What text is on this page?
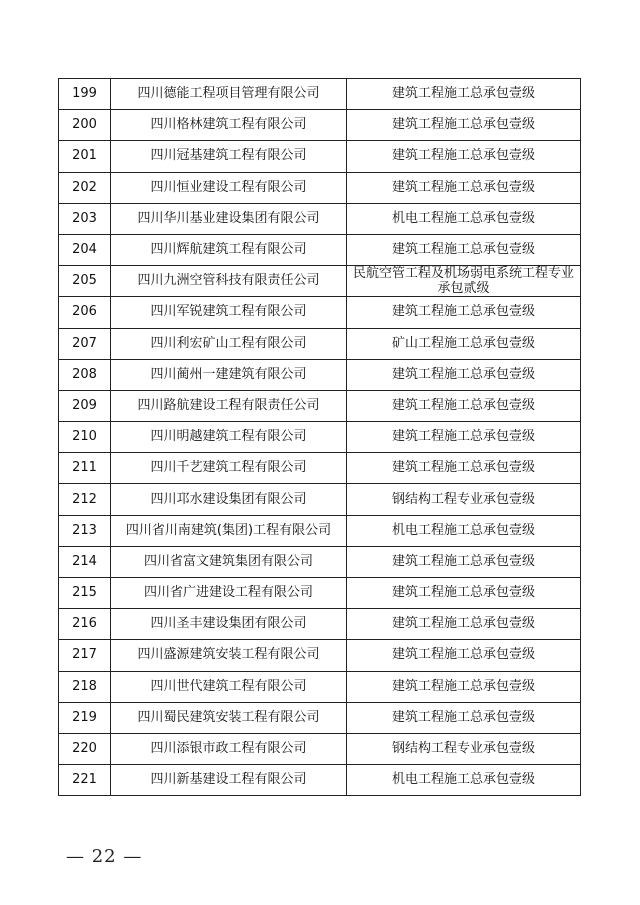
199	四川德能工程项目管理有限公司	建筑工程施工总承包壹级
200	四川格林建筑工程有限公司	建筑工程施工总承包壹级
201	四川冠基建筑工程有限公司	建筑工程施工总承包壹级
202	四川恒业建设工程有限公司	建筑工程施工总承包壹级
203	四川华川基业建设集团有限公司	机电工程施工总承包壹级
204	四川辉航建筑工程有限公司	建筑工程施工总承包壹级
205	四川九洲空管科技有限责任公司	民航空管工程及机场弱电系统工程专业承包贰级
206	四川军锐建筑工程有限公司	建筑工程施工总承包壹级
207	四川利宏矿山工程有限公司	矿山工程施工总承包壹级
208	四川蔺州一建建筑有限公司	建筑工程施工总承包壹级
209	四川路航建设工程有限责任公司	建筑工程施工总承包壹级
210	四川明越建筑工程有限公司	建筑工程施工总承包壹级
211	四川千艺建筑工程有限公司	建筑工程施工总承包壹级
212	四川邛水建设集团有限公司	钢结构工程专业承包壹级
213	四川省川南建筑(集团)工程有限公司	机电工程施工总承包壹级
214	四川省富文建筑集团有限公司	建筑工程施工总承包壹级
215	四川省广进建设工程有限公司	建筑工程施工总承包壹级
216	四川圣丰建设集团有限公司	建筑工程施工总承包壹级
217	四川盛源建筑安装工程有限公司	建筑工程施工总承包壹级
218	四川世代建筑工程有限公司	建筑工程施工总承包壹级
219	四川蜀民建筑安装工程有限公司	建筑工程施工总承包壹级
220	四川添银市政工程有限公司	钢结构工程专业承包壹级
221	四川新基建设工程有限公司	机电工程施工总承包壹级
— 22 —
